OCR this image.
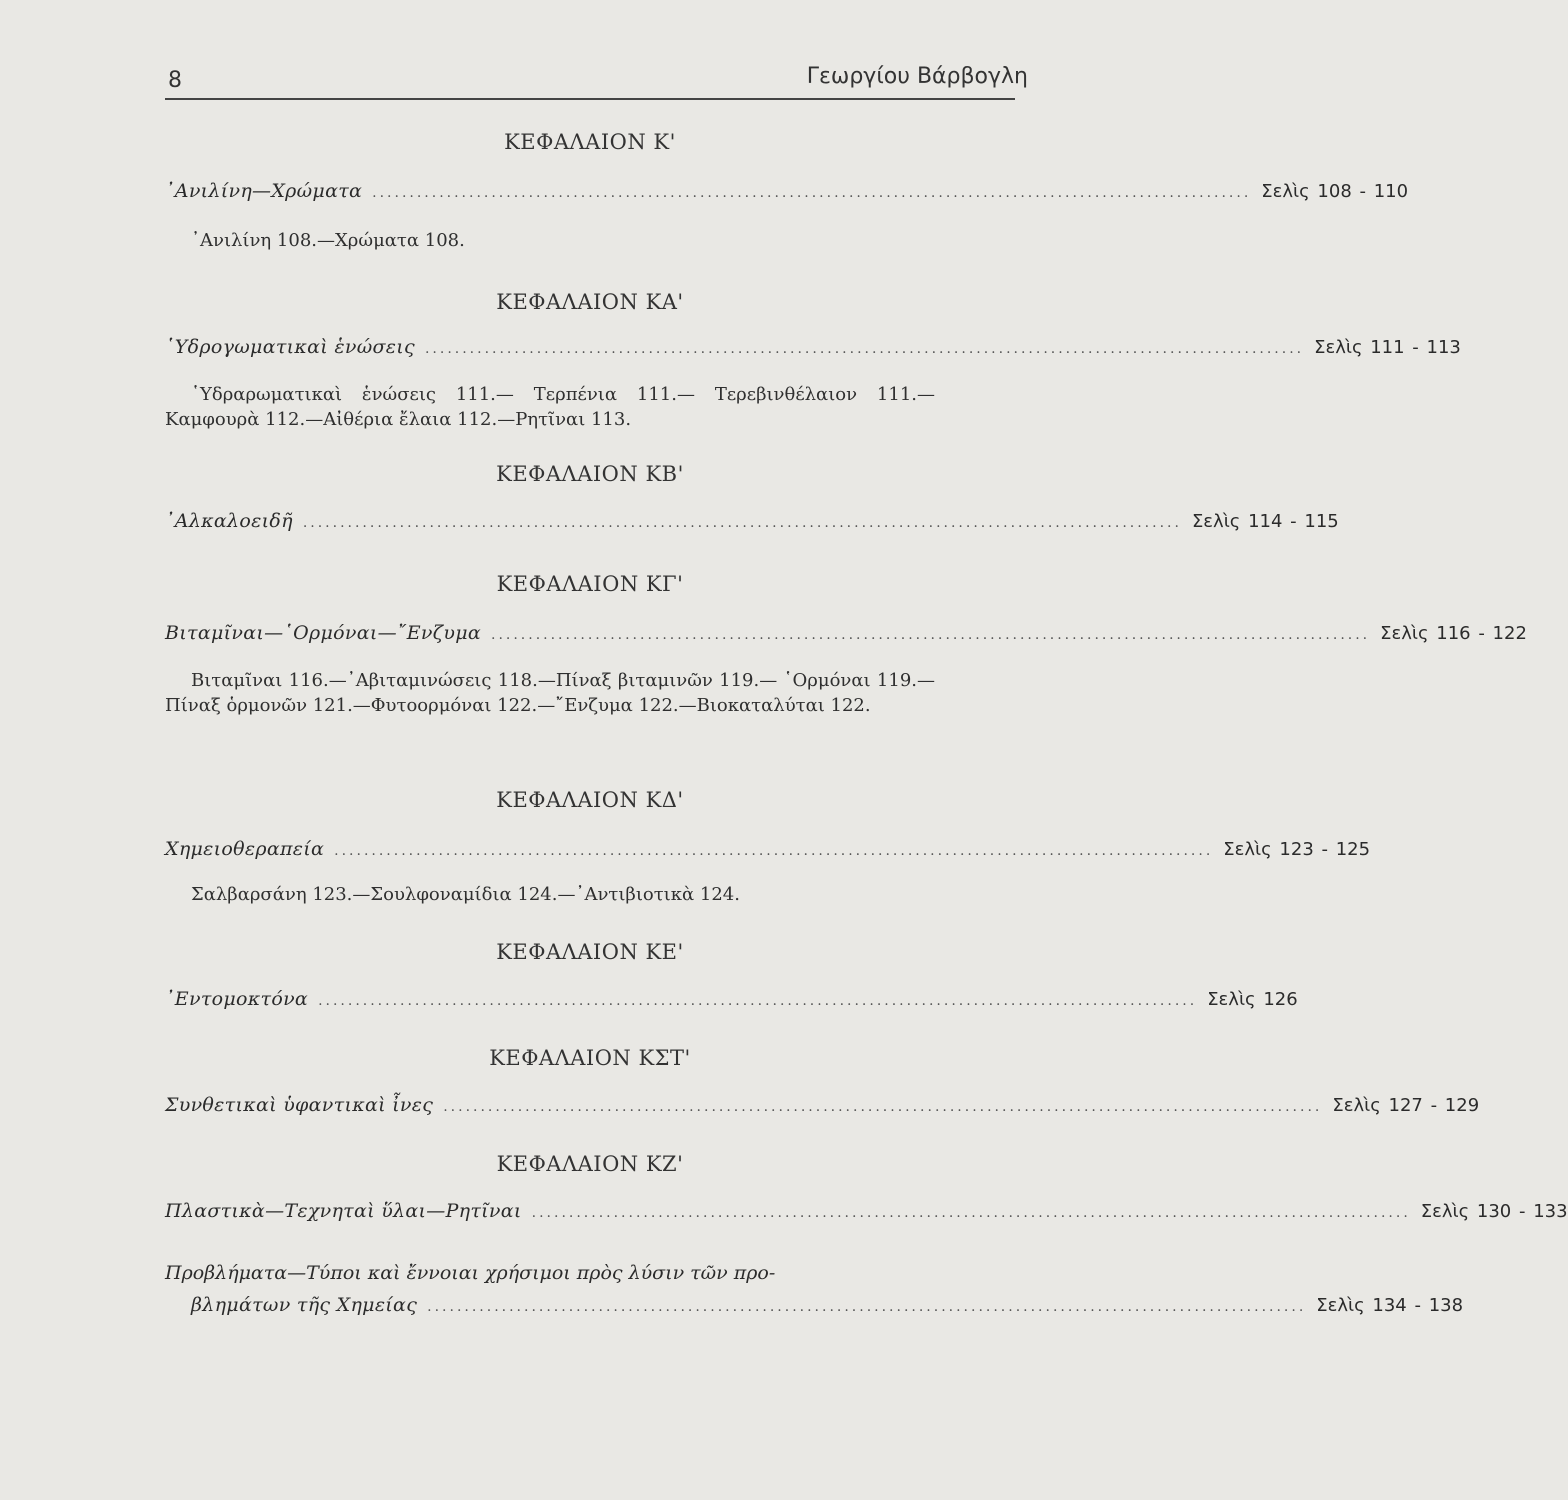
8	Γεωργίου Βάρβογλη
ΚΕΦΑΛΑΙΟΝ Κ'
᾿Ανιλίνη—Χρώματα ...................................................................................................................... Σελὶς 108 - 110
᾿Ανιλίνη 108.—Χρώματα 108.
ΚΕΦΑΛΑΙΟΝ ΚΑ'
῾Υδρογωματικαὶ ἑνώσεις ...................................................................................................................... Σελὶς 111 - 113
῾Υδραρωματικαὶ ἑνώσεις 111.— Τερπένια 111.— Τερεβινθέλαιον 111.—Καμφουρὰ 112.—Αἰθέρια ἔλαια 112.—Ρητῖναι 113.
ΚΕΦΑΛΑΙΟΝ ΚΒ'
᾿Αλκαλοειδῆ ...................................................................................................................... Σελὶς 114 - 115
ΚΕΦΑΛΑΙΟΝ ΚΓ'
Βιταμῖναι—῾Ορμόναι—῎Ενζυμα ...................................................................................................................... Σελὶς 116 - 122
Βιταμῖναι 116.—᾿Αβιταμινώσεις 118.—Πίναξ βιταμινῶν 119.— ῾Ορμόναι 119.—Πίναξ ὁρμονῶν 121.—Φυτοορμόναι 122.—῎Ενζυμα 122.—Βιοκαταλύται 122.
ΚΕΦΑΛΑΙΟΝ ΚΔ'
Χημειοθεραπεία ...................................................................................................................... Σελὶς 123 - 125
Σαλβαρσάνη 123.—Σουλφοναμίδια 124.—᾿Αντιβιοτικὰ 124.
ΚΕΦΑΛΑΙΟΝ ΚΕ'
᾿Εντομοκτόνα ...................................................................................................................... Σελὶς 126
ΚΕΦΑΛΑΙΟΝ ΚΣΤ'
Συνθετικαὶ ὑφαντικαὶ ἶνες ...................................................................................................................... Σελὶς 127 - 129
ΚΕΦΑΛΑΙΟΝ ΚΖ'
Πλαστικὰ—Τεχνηταὶ ὕλαι—Ρητῖναι ...................................................................................................................... Σελὶς 130 - 133
Προβλήματα—Τύποι καὶ ἔννοιαι χρήσιμοι πρὸς λύσιν τῶν προ-
βλημάτων τῆς Χημείας ...................................................................................................................... Σελὶς 134 - 138
